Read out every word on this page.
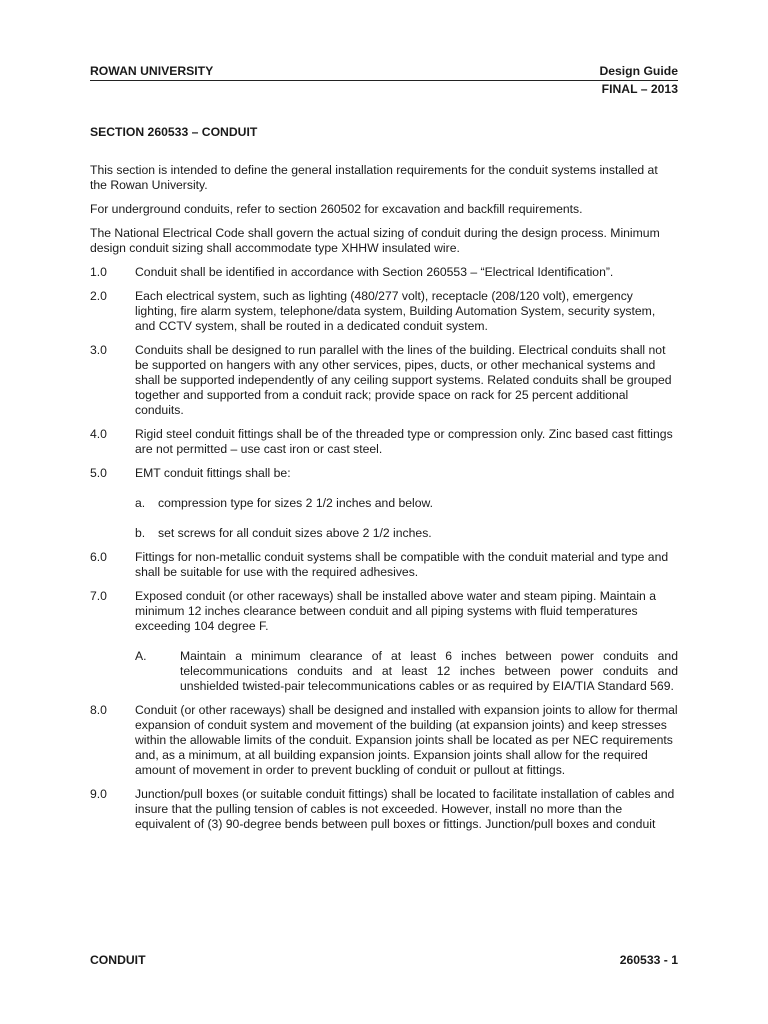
ROWAN UNIVERSITY	Design Guide
FINAL – 2013
SECTION 260533 – CONDUIT

This section is intended to define the general installation requirements for the conduit systems installed at the Rowan University.

For underground conduits, refer to section 260502 for excavation and backfill requirements.

The National Electrical Code shall govern the actual sizing of conduit during the design process. Minimum design conduit sizing shall accommodate type XHHW insulated wire.

1.0	Conduit shall be identified in accordance with Section 260553 – “Electrical Identification”.
2.0	Each electrical system, such as lighting (480/277 volt), receptacle (208/120 volt), emergency lighting, fire alarm system, telephone/data system, Building Automation System, security system, and CCTV system, shall be routed in a dedicated conduit system.
3.0	Conduits shall be designed to run parallel with the lines of the building. Electrical conduits shall not be supported on hangers with any other services, pipes, ducts, or other mechanical systems and shall be supported independently of any ceiling support systems. Related conduits shall be grouped together and supported from a conduit rack; provide space on rack for 25 percent additional conduits.
4.0	Rigid steel conduit fittings shall be of the threaded type or compression only. Zinc based cast fittings are not permitted – use cast iron or cast steel.
5.0	EMT conduit fittings shall be:
a.	compression type for sizes 2 1/2 inches and below.
b.	set screws for all conduit sizes above 2 1/2 inches.
6.0	Fittings for non-metallic conduit systems shall be compatible with the conduit material and type and shall be suitable for use with the required adhesives.
7.0	Exposed conduit (or other raceways) shall be installed above water and steam piping. Maintain a minimum 12 inches clearance between conduit and all piping systems with fluid temperatures exceeding 104 degree F.
A.	Maintain a minimum clearance of at least 6 inches between power conduits and telecommunications conduits and at least 12 inches between power conduits and unshielded twisted-pair telecommunications cables or as required by EIA/TIA Standard 569.
8.0	Conduit (or other raceways) shall be designed and installed with expansion joints to allow for thermal expansion of conduit system and movement of the building (at expansion joints) and keep stresses within the allowable limits of the conduit. Expansion joints shall be located as per NEC requirements and, as a minimum, at all building expansion joints. Expansion joints shall allow for the required amount of movement in order to prevent buckling of conduit or pullout at fittings.
9.0	Junction/pull boxes (or suitable conduit fittings) shall be located to facilitate installation of cables and insure that the pulling tension of cables is not exceeded. However, install no more than the equivalent of (3) 90-degree bends between pull boxes or fittings. Junction/pull boxes and conduit
CONDUIT	260533 - 1
